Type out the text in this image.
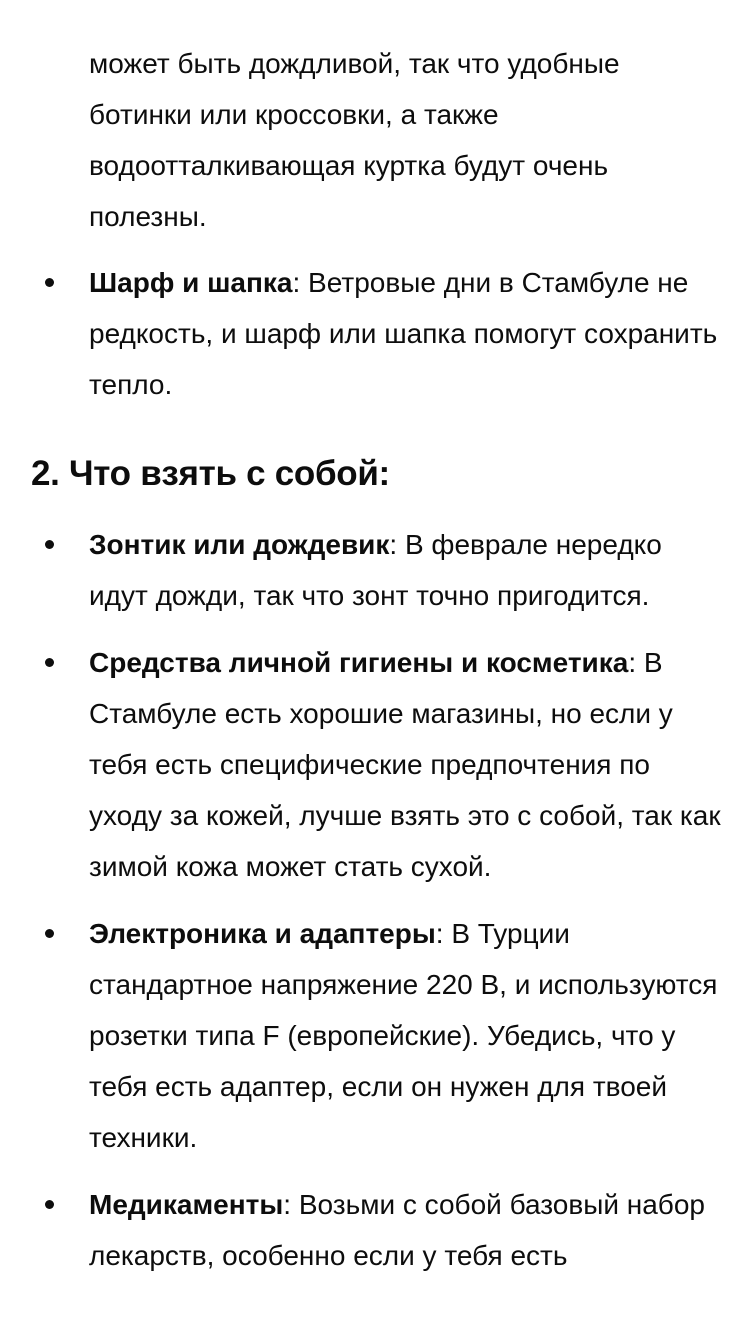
может быть дождливой, так что удобные ботинки или кроссовки, а также водоотталкивающая куртка будут очень полезны.

Шарф и шапка: Ветровые дни в Стамбуле не редкость, и шарф или шапка помогут сохранить тепло.
2. Что взять с собой:
Зонтик или дождевик: В феврале нередко идут дожди, так что зонт точно пригодится.
Средства личной гигиены и косметика: В Стамбуле есть хорошие магазины, но если у тебя есть специфические предпочтения по уходу за кожей, лучше взять это с собой, так как зимой кожа может стать сухой.
Электроника и адаптеры: В Турции стандартное напряжение 220 В, и используются розетки типа F (европейские). Убедись, что у тебя есть адаптер, если он нужен для твоей техники.
Медикаменты: Возьми с собой базовый набор лекарств, особенно если у тебя есть
